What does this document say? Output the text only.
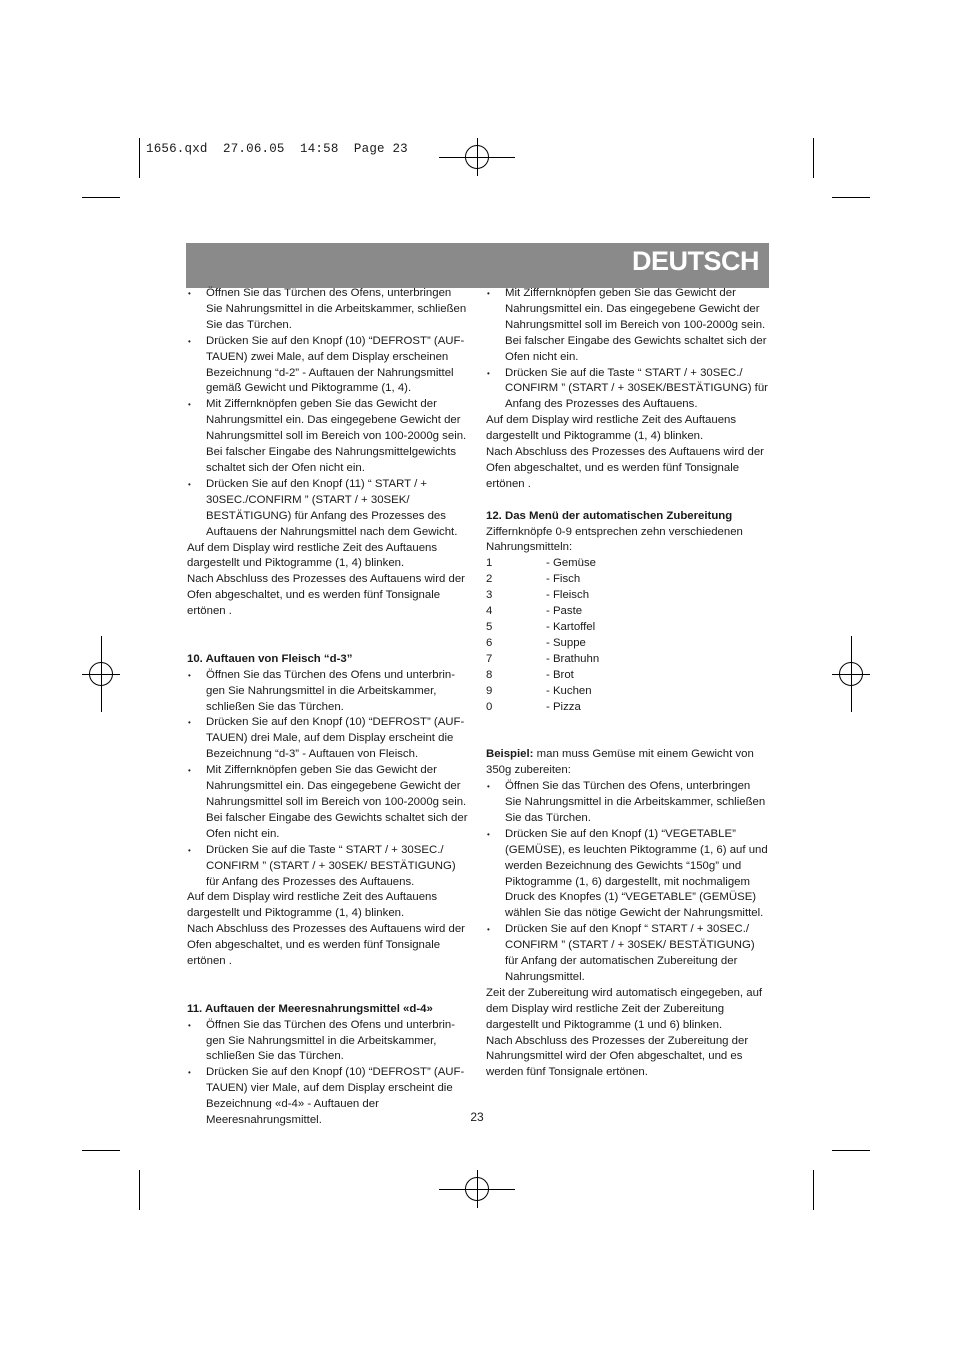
1656.qxd  27.06.05  14:58  Page 23
DEUTSCH
• Öffnen Sie das Türchen des Ofens, unterbringen Sie Nahrungsmittel in die Arbeitskammer, schließen Sie das Türchen.
• Drücken Sie auf den Knopf (10) “DEFROST” (AUF-TAUEN) zwei Male, auf dem Display erscheinen Bezeichnung “d-2” - Auftauen der Nahrungsmittel gemäß Gewicht und Piktogramme (1, 4).
• Mit Ziffernknöpfen geben Sie das Gewicht der Nahrungsmittel ein. Das eingegebene Gewicht der Nahrungsmittel soll im Bereich von 100-2000g sein. Bei falscher Eingabe des Nahrungsmittelgewichts schaltet sich der Ofen nicht ein.
• Drücken Sie auf den Knopf (11) “ START / + 30SEC./CONFIRM ” (START / + 30SEK/ BESTÄTIGUNG) für Anfang des Prozesses des Auftauens der Nahrungsmittel nach dem Gewicht.

Auf dem Display wird restliche Zeit des Auftauens dargestellt und Piktogramme (1, 4) blinken.

Nach Abschluss des Prozesses des Auftauens wird der Ofen abgeschaltet, und es werden fünf Tonsignale ertönen .

10. Auftauen von Fleisch “d-3”
• Öffnen Sie das Türchen des Ofens und unterbrin-gen Sie Nahrungsmittel in die Arbeitskammer, schließen Sie das Türchen.
• Drücken Sie auf den Knopf (10) “DEFROST” (AUF-TAUEN) drei Male, auf dem Display erscheint die Bezeichnung “d-3” - Auftauen von Fleisch.
• Mit Ziffernknöpfen geben Sie das Gewicht der Nahrungsmittel ein. Das eingegebene Gewicht der Nahrungsmittel soll im Bereich von 100-2000g sein. Bei falscher Eingabe des Gewichts schaltet sich der Ofen nicht ein.
• Drücken Sie auf die Taste “ START / + 30SEC./ CONFIRM ” (START / + 30SEK/ BESTÄTIGUNG) für Anfang des Prozesses des Auftauens.

Auf dem Display wird restliche Zeit des Auftauens dargestellt und Piktogramme (1, 4) blinken.

Nach Abschluss des Prozesses des Auftauens wird der Ofen abgeschaltet, und es werden fünf Tonsignale ertönen .

11. Auftauen der Meeresnahrungsmittel «d-4»
• Öffnen Sie das Türchen des Ofens und unterbrin-gen Sie Nahrungsmittel in die Arbeitskammer, schließen Sie das Türchen.
• Drücken Sie auf den Knopf (10) “DEFROST” (AUF-TAUEN) vier Male, auf dem Display erscheint die Bezeichnung «d-4» - Auftauen der Meeresnahrungsmittel.
• Mit Ziffernknöpfen geben Sie das Gewicht der Nahrungsmittel ein. Das eingegebene Gewicht der Nahrungsmittel soll im Bereich von 100-2000g sein. Bei falscher Eingabe des Gewichts schaltet sich der Ofen nicht ein.
• Drücken Sie auf die Taste “ START / + 30SEC./ CONFIRM ” (START / + 30SEK/BESTÄTIGUNG) für Anfang des Prozesses des Auftauens.

Auf dem Display wird restliche Zeit des Auftauens dargestellt und Piktogramme (1, 4) blinken.

Nach Abschluss des Prozesses des Auftauens wird der Ofen abgeschaltet, und es werden fünf Tonsignale ertönen .

12. Das Menü der automatischen Zubereitung

Ziffernknöpfe 0-9 entsprechen zehn verschiedenen Nahrungsmitteln:

1	- Gemüse
2	- Fisch
3	- Fleisch
4	- Paste
5	- Kartoffel
6	- Suppe
7	- Brathuhn
8	- Brot
9	- Kuchen
0	- Pizza

Beispiel: man muss Gemüse mit einem Gewicht von 350g zubereiten:

• Öffnen Sie das Türchen des Ofens, unterbringen Sie Nahrungsmittel in die Arbeitskammer, schließen Sie das Türchen.
• Drücken Sie auf den Knopf (1) “VEGETABLE” (GEMÜSE), es leuchten Piktogramme (1, 6) auf und werden Bezeichnung des Gewichts “150g” und Piktogramme (1, 6) dargestellt, mit nochmaligem Druck des Knopfes (1) “VEGETABLE” (GEMÜSE) wählen Sie das nötige Gewicht der Nahrungsmittel.
• Drücken Sie auf den Knopf “ START / + 30SEC./ CONFIRM ” (START / + 30SEK/ BESTÄTIGUNG) für Anfang der automatischen Zubereitung der Nahrungsmittel.

Zeit der Zubereitung wird automatisch eingegeben, auf dem Display wird restliche Zeit der Zubereitung dargestellt und Piktogramme (1 und 6) blinken.

Nach Abschluss des Prozesses der Zubereitung der Nahrungsmittel wird der Ofen abgeschaltet, und es werden fünf Tonsignale ertönen.

23
